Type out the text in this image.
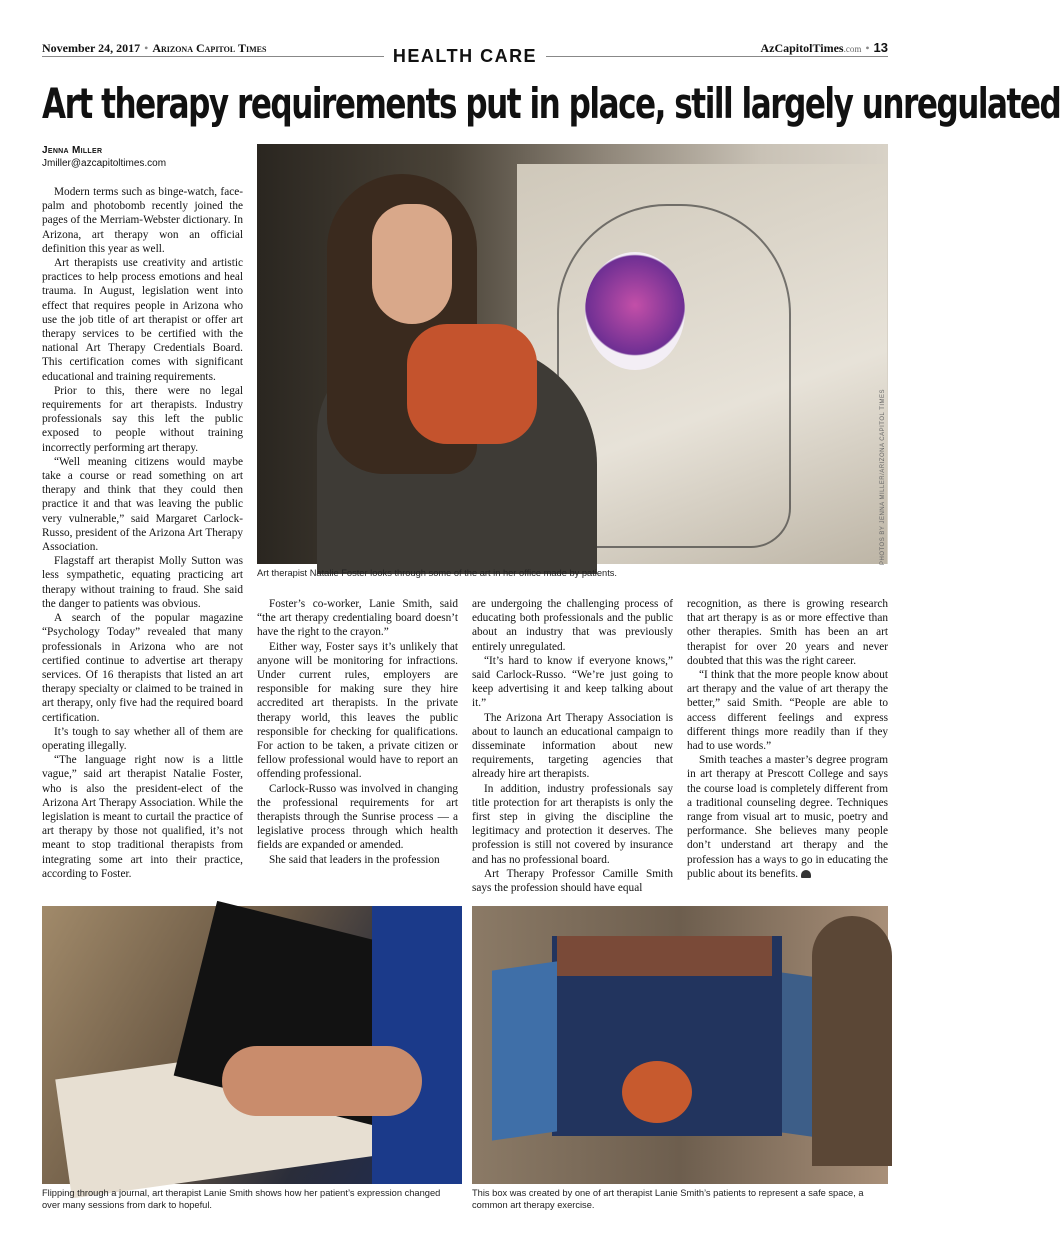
November 24, 2017 • Arizona Capitol Times	HEALTH CARE	AzCapitolTimes.com • 13
Art therapy requirements put in place, still largely unregulated
Jenna Miller
Jmiller@azcapitoltimes.com

Modern terms such as binge-watch, face-palm and photobomb recently joined the pages of the Merriam-Webster dictionary. In Arizona, art therapy won an official definition this year as well.

Art therapists use creativity and artistic practices to help process emotions and heal trauma. In August, legislation went into effect that requires people in Arizona who use the job title of art therapist or offer art therapy services to be certified with the national Art Therapy Credentials Board. This certification comes with significant educational and training requirements.

Prior to this, there were no legal requirements for art therapists. Industry professionals say this left the public exposed to people without training incorrectly performing art therapy.

“Well meaning citizens would maybe take a course or read something on art therapy and think that they could then practice it and that was leaving the public very vulnerable,” said Margaret Carlock-Russo, president of the Arizona Art Therapy Association.

Flagstaff art therapist Molly Sutton was less sympathetic, equating practicing art therapy without training to fraud. She said the danger to patients was obvious.

A search of the popular magazine “Psychology Today” revealed that many professionals in Arizona who are not certified continue to advertise art therapy services. Of 16 therapists that listed an art therapy specialty or claimed to be trained in art therapy, only five had the required board certification.

It’s tough to say whether all of them are operating illegally.

“The language right now is a little vague,” said art therapist Natalie Foster, who is also the president-elect of the Arizona Art Therapy Association. While the legislation is meant to curtail the practice of art therapy by those not qualified, it’s not meant to stop traditional therapists from integrating some art into their practice, according to Foster.

PHOTOS BY JENNA MILLER/ARIZONA CAPITOL TIMES
Art therapist Natalie Foster looks through some of the art in her office made by patients.

Foster’s co-worker, Lanie Smith, said “the art therapy credentialing board doesn’t have the right to the crayon.”

Either way, Foster says it’s unlikely that anyone will be monitoring for infractions. Under current rules, employers are responsible for making sure they hire accredited art therapists. In the private therapy world, this leaves the public responsible for checking for qualifications. For action to be taken, a private citizen or fellow professional would have to report an offending professional.

Carlock-Russo was involved in changing the professional requirements for art therapists through the Sunrise process — a legislative process through which health fields are expanded or amended.

She said that leaders in the profession

are undergoing the challenging process of educating both professionals and the public about an industry that was previously entirely unregulated.

“It’s hard to know if everyone knows,” said Carlock-Russo. “We’re just going to keep advertising it and keep talking about it.”

The Arizona Art Therapy Association is about to launch an educational campaign to disseminate information about new requirements, targeting agencies that already hire art therapists.

In addition, industry professionals say title protection for art therapists is only the first step in giving the discipline the legitimacy and protection it deserves. The profession is still not covered by insurance and has no professional board.

Art Therapy Professor Camille Smith says the profession should have equal

recognition, as there is growing research that art therapy is as or more effective than other therapies. Smith has been an art therapist for over 20 years and never doubted that this was the right career.

“I think that the more people know about art therapy and the value of art therapy the better,” said Smith. “People are able to access different feelings and express different things more readily than if they had to use words.”

Smith teaches a master’s degree program in art therapy at Prescott College and says the course load is completely different from a traditional counseling degree. Techniques range from visual art to music, poetry and performance. She believes many people don’t understand art therapy and the profession has a ways to go in educating the public about its benefits.

Flipping through a journal, art therapist Lanie Smith shows how her patient’s expression changed over many sessions from dark to hopeful.
This box was created by one of art therapist Lanie Smith’s patients to represent a safe space, a common art therapy exercise.
